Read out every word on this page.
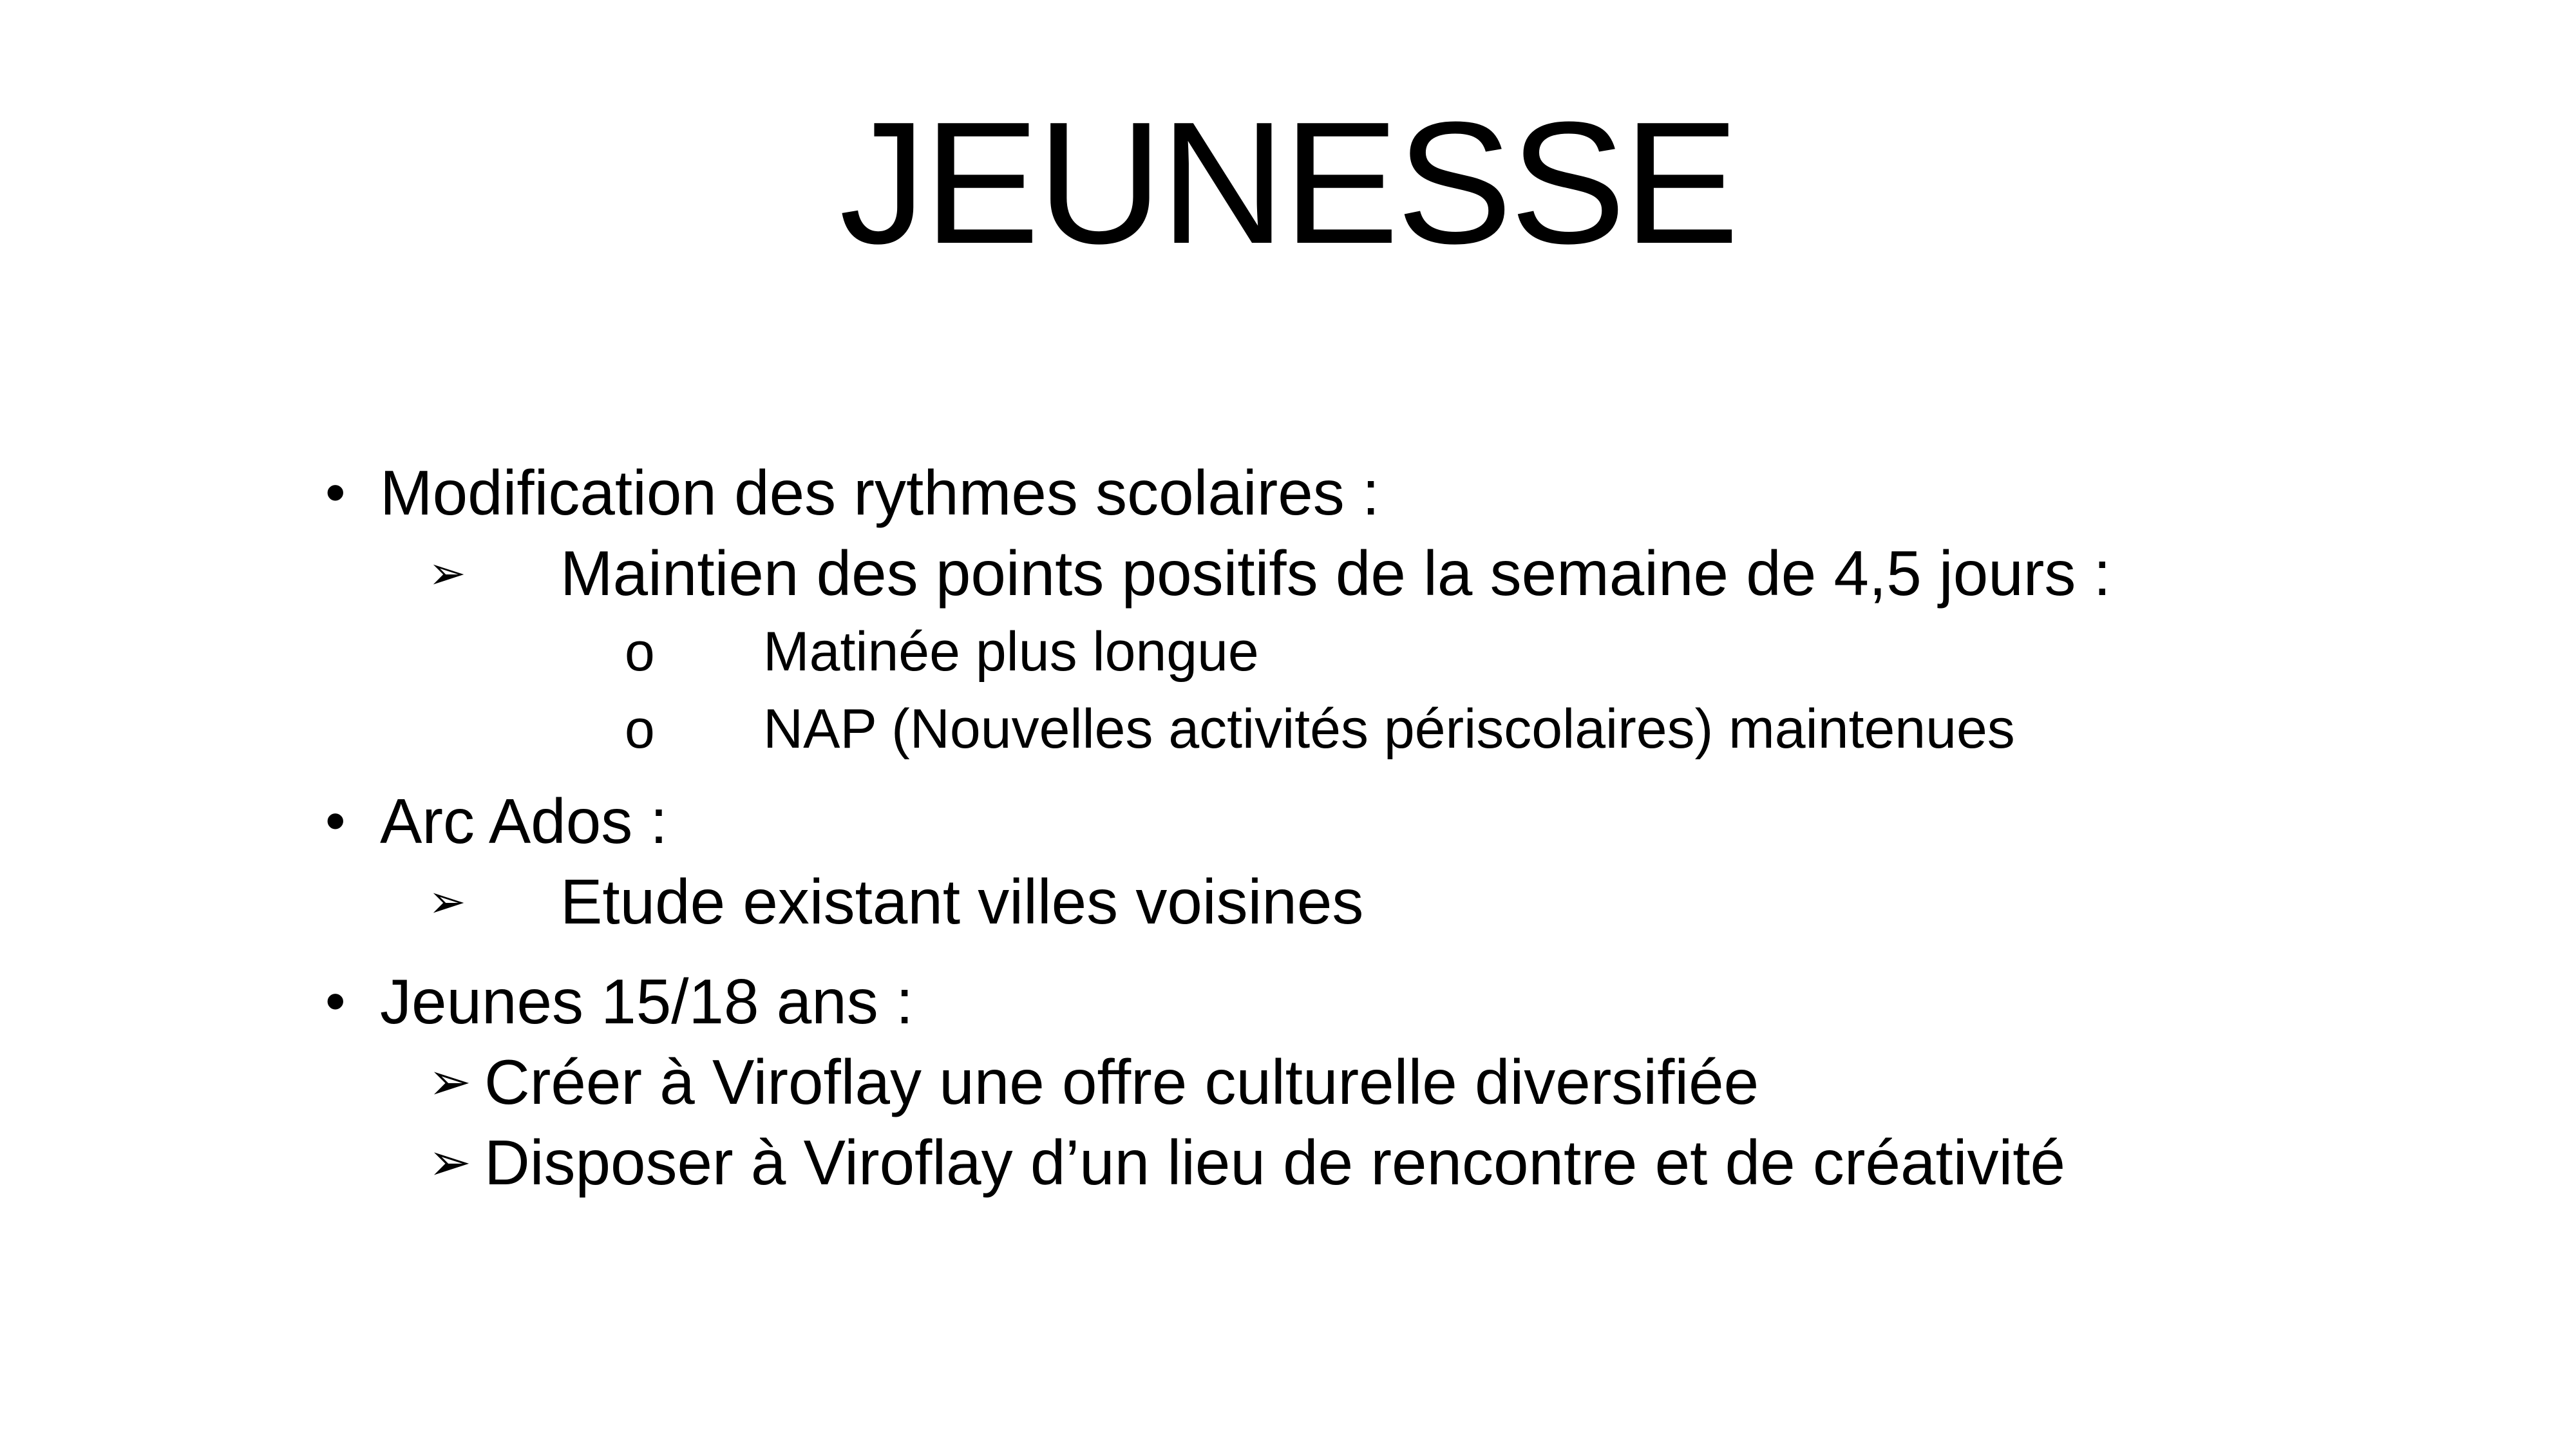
JEUNESSE
• Modification des rythmes scolaires :
➢ Maintien des points positifs de la semaine de 4,5 jours :
o Matinée plus longue
o NAP (Nouvelles activités périscolaires) maintenues
• Arc Ados :
➢ Etude existant villes voisines
• Jeunes 15/18 ans :
➢ Créer à Viroflay une offre culturelle diversifiée
➢ Disposer à Viroflay d’un lieu de rencontre et de créativité
